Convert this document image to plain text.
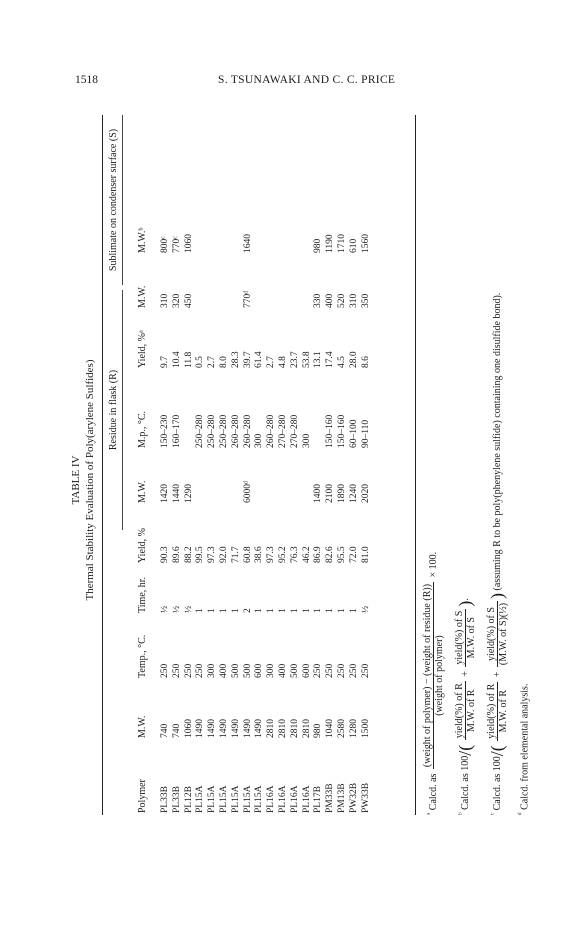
1518	S. TSUNAWAKI AND C. C. PRICE
TABLE IV Thermal Stability Evaluation of Poly(arylene Sulfides) Residue in flask (R)
Sublimate on condenser surface (S)
Polymer	M.W.	Temp., °C.	Time, hr.	Yield, %	M.W.	M.p., °C.	Yield, %ᵃ	M.W.	M.W.ᵇ
PL33B	740	250	½	90.3	1420	150–230	9.7	310	800ᶜ
PL33B	740	250	½	89.6	1440	160–170	10.4	320	770ᶜ
PL12B	1060	250	½	88.2	1290		11.8	450	1060
PL15A	1490	250	1	99.5		250–280	0.5		
PL15A	1490	300	1	97.3		250–280	2.7		
PL15A	1490	400	1	92.0		250–280	8.0		
PL15A	1490	500	1	71.7		260–280	28.3		
PL15A	1490	500	2	60.8	6000ᵈ	260–280	39.7	770ᵈ	1640
PL15A	1490	600	1	38.6		300	61.4		
PL16A	2810	300	1	97.3		260–280	2.7		
PL16A	2810	400	1	95.2		270–280	4.8		
PL16A	2810	500	1	76.3		270–280	23.7		
PL16A	2810	600	1	46.2		300	53.8		
PL17B	980	250	1	86.9	1400		13.1	330	980
PM33B	1040	250	1	82.6	2100	150–160	17.4	400	1190
PM13B	2580	250	1	95.5	1890	150–160	4.5	520	1710
PW32B	1280	250	1	72.0	1240	60–100	28.0	310	610
PW33B	1500	250	½	81.0	2020	90–110	8.6	350	1560
$^ᵃ$ Calcd. as
(weight of polymer) − (weight of residue (R)) (weight of polymer)
× 100.
$^ᵇ$ Calcd. as 100/(
yield(%) of R M.W. of R
+
yield(%) of S M.W. of S
).
$^ᶜ$ Calcd. as 100/(
yield(%) of R M.W. of R
+
yield(%) of S (M.W. of S)(½)
) (assuming R to be poly(phenylene sulfide) containing one disulfide bond).
$^ᵈ$ Calcd. from elemental analysis.
